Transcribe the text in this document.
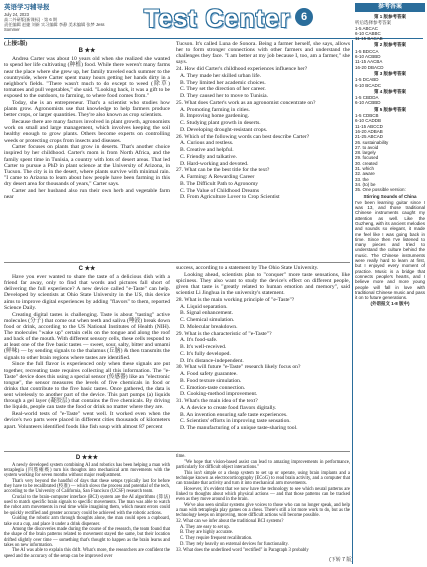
英语学习辅导报
July 24, 2023
高二外研版(新课标) · 第 6 期
责任编辑 赵捷 刘新 实习编辑 李静 美术编辑 张梦 Jess Sommer	Test Center 6
(上接5版)
B ★★

Andrea Carter was about 10 years old when she realized she wanted to spend her life cultivating (种植) food. While there weren't many farms near the place where she grew up, her family traveled each summer to the countryside, where Carter spent many hours getting her hands dirty in a neighbor's fields. "There wasn't much to do except to weed (除草) tomatoes and pull vegetables," she said. "Looking back, it was a gift to be exposed to the outdoors, to farming, to where food comes from."

Today, she is an entrepreneur. That's a scientist who studies how plants grow. Agronomists use that knowledge to help farmers produce better crops, or larger quantities. They're also known as crop scientists.

Because there are many factors involved in plant growth, agronomists work on small and large management, which involves keeping the soil healthy enough to grow plants. Others become experts on controlling weeds or protecting crops from insects and diseases.

Carter focuses on plants that grow in deserts. That's another choice inspired by her childhood. Carter's mom is from North Africa, and the family spent time in Tunisia, a country with lots of desert areas. That led Carter to pursue a PhD in plant science at the University of Arizona, in Tucson. The city is in the desert, where plants survive with minimal rain. "I came to Arizona to learn about how people have been farming in this dry desert area for thousands of years," Carter says.

Carter and her husband also run their own herb and vegetable farm near

Tucson. It's called Luna de Sonora. Being a farmer herself, she says, allows her to form stronger connections with other farmers and understand the challenges they face. "I am better at my job because I, too, am a farmer," she says.

24. How did Carter's childhood experiences influence her?

A. They made her skilled urban life.

B. They limited her academic choices.

C. They set the direction of her career.

D. They caused her to move to Tunisia.

25. What does Carter's work as an agronomist concentrate on?

A. Promoting farming in cities.

B. Improving home gardening.

C. Studying plant growth in deserts.

D. Developing drought-resistant crops.

26. Which of the following words can best describe Carter?

A. Curious and restless.

B. Creative and helpful.

C. Friendly and talkative.

D. Hard-working and devoted.

27. What can be the best title for the text?

A. Farming: A Rewarding Career

B. The Difficult Path to Agronomy

C. The Value of Childhood Dreams

D. From Agriculture Lover to Crop Scientist

C ★★

Have you ever wanted to share the taste of a delicious dish with a friend far away, only to find that words and pictures fall short of delivering the full experience? A new device called "e-Taste" can help. Developed by scientists at Ohio State University in the US, this device aims to improve digital experiences by adding "flavors" to them, reported Science Daily.

Creating digital tastes is challenging. Taste is about "tasting" active molecules (分子) that come out when teeth and saliva (唾液) break down food or drink, according to the US National Institutes of Health (NIH). The molecules "wake up" certain cells on the tongue and along the roof and back of the mouth. With different sensory cells, these cells respond to at least one of the five basic tastes — sweet, sour, salty, bitter and umami (鲜味) — by sending signals to the thalamus (丘脑) & then transmits the signals to other brain regions where tastes are identified.

Since the full flavor is experienced only when these signals are put together, recreating taste requires collecting all this information. The "e-Taste" device does this using a special sensor (传感器) like an "electronic tongue", the sensor measures the levels of five chemicals in food or drinks that contribute to the five basic tastes. Once gathered, the data is sent wirelessly to another part of the device. This part pumps (a) liquids through a gel layer (凝胶层) that contains the five chemicals. By driving the liquids, people can taste the food or drink no matter where they are.

Real-world tests of "e-Taste" went well. It worked even when the device's two parts were placed in different cities thousands of kilometers apart. Volunteers identified foods like fish soup with almost 87 percent

success, according to a statement by The Ohio State University.

Looking ahead, scientists plan to "conquer" more taste sensations, like spiciness. They also want to study the device's effect on different people, given that taste is "greatly related to human emotion and memory", said scientist Li Jinghua in the university's statement.

28. What is the main working principle of "e-Taste"?

A. Liquid separation.

B. Signal enhancement.

C. Chemical simulation.

D. Molecular breakdown.

29. What is the characteristic of "e-Taste"?

A. It's food-safe.

B. It's well-received.

C. It's fully developed.

D. It's distance-independent.

30. What will future "e-Taste" research likely focus on?

A. Food safety guarantee.

B. Food texture simulation.

C. Emotion-taste connection.

D. Cooking-method improvement.

31. What's the main idea of the text?

A. A device to create food flavors digitally.

B. An invention ensuring safe taste experiences.

C. Scientists' efforts in improving taste sensation.

D. The manufacturing of a unique taste-sharing tool.

D ★★★

A newly developed system combining AI and robotics has been helping a man with tetraplegia (四肢瘫痪) turn his thoughts into mechanical arm movements with the system working for seven months without major readjustment.

That's very beyond the handful of days that these setups typically last for before they have to be recalibrated (校准) — which slows the process and potential of the tech, according to the University of California, San Francisco (UCSF) research team.

Crucial to the brain-computer interface (BCI) system are the AI algorithms (算法) used to match specific brain signals to specific movements. The man was able to watch the robot arm movements in real time while imagining them, which meant errors could be quickly rectified and greater accuracy could be achieved with the robotic actions.

Guiding the robotic arm through thoughts alone, the man could open a cupboard, take out a cup, and place it under a drink dispenser.

Among the discoveries made during the course of the research, the team found that the shape of the brain patterns related to movement stayed the same, but their location drifted slightly over time — something that's thought to happen as the brain learns and takes on new information.

The AI was able to explain this drift. What's more, the researchers are confident the speed and the accuracy of the setup can be improved over

time.

"We hope that vision-based assist can lead to amazing improvements in performance, particularly for difficult object interactions."

This isn't simple or a cheap system to set up or operate, using brain implants and a technique known as electrocorticography (ECoG) to read brain activity, and a computer that can translate that activity and turn it into mechanical arm movements.

However, it's evident that we now have the technology to see which neural patterns are linked to thoughts about which physical actions — and that those patterns can be tracked even as they move around in the brain.

We've also seen similar systems give voices to those who can no longer speak, and help a man with tetraplegia play games on a chess. There's still a lot more work to do, but as the technology keeps on improving, more difficult actions will become possible.

32. What can we infer about the traditional BCI systems?

A. They are easy to set up.

B. They are highly accurate.

C. They require frequent recalibration.

D. They rely heavily on external devices for functionality.

33. What does the underlined word "rectified" in Paragraph 3 probably

(下转 7 版)
参考答案
第 1 版参考答案
听后选择参考答案
1-5 ABCAC
6-10 CABBC
11-15 BACAB
第 2 版参考答案
1-5 BDCCA
6-10 ACBBD
11-15 AACBA
16-20 DBACD
第 3 版参考答案
1-5 DCABD
6-10 BCADC
第 4 版参考答案
1-5 CBDDA
6-10 ACBBD
第 5 版参考答案
1-5 CDBCB
6-10 CADDB
11-15 ABCCD
16-20 ADBAB
21-25 ABCAD
26. sustainability
27. to avoid
28. largely
29. focused
30. created
31. which
32. aware
33. the
34. (to) be
35. One possible version:
Stirring Sounds of China

I've been learning guitar since I was 13, and those traditional Chinese instruments caught my attention as well. Like the Guzheng, with its ancient melodies and sounds so elegant, it made me feel like I was going back in time. Since then I've listened to many pieces and tried to understand the culture behind the music. The Chinese instruments were really hard to learn at first, but I enjoyed every moment of practice. Music is a bridge that connects people's hearts, and I believe more and more young people will fall in love with traditional Chinese music and pass it on to future generations.

(外语报文 1-8 版中)
